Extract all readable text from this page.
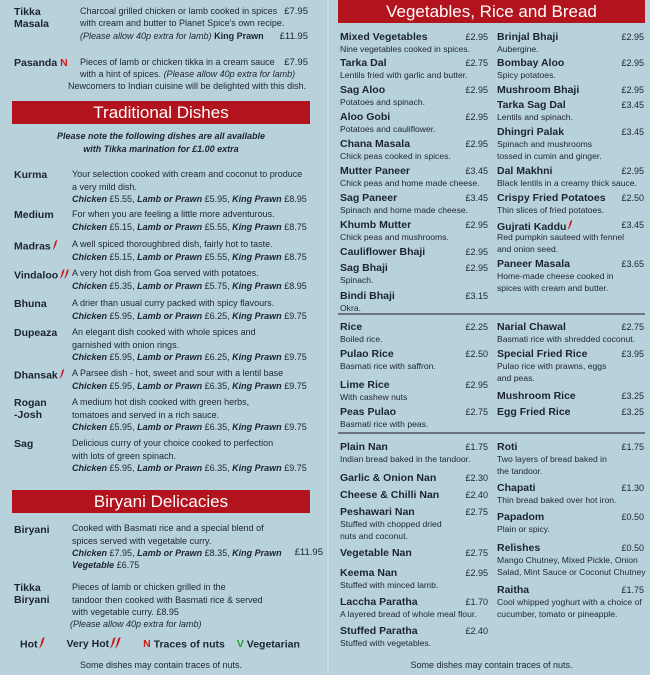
Tikka
Masala
Charcoal grilled chicken or lamb cooked in spices
with cream and butter to Planet Spice's own recipe.
£7.95
(Please allow 40p extra for lamb) King Prawn	£11.95
Pasanda N Pieces of lamb or chicken tikka in a cream sauce	£7.95
with a hint of spices. (Please allow 40p extra for lamb)
Newcomers to Indian cuisine will be delighted with this dish.
Traditional Dishes
Please note the following dishes are all available
with Tikka marination for £1.00 extra
Kurma	Your selection cooked with cream and coconut to produce
a very mild dish.
Chicken £5.55, Lamb or Prawn £5.95, King Prawn £8.95
Medium For when you are feeling a little more adventurous.
Chicken £5.15, Lamb or Prawn £5.55, King Prawn £8.75
Madras	A well spiced thoroughbred dish, fairly hot to taste.
Chicken £5.15, Lamb or Prawn £5.55, King Prawn £8.75
Vindaloo	A very hot dish from Goa served with potatoes.
Chicken £5.35, Lamb or Prawn £5.75, King Prawn £8.95
Bhuna	A drier than usual curry packed with spicy flavours.
Chicken £5.95, Lamb or Prawn £6.25, King Prawn £9.75
Dupeaza An elegant dish cooked with whole spices and
garnished with onion rings.
Chicken £5.95, Lamb or Prawn £6.25, King Prawn £9.75
Dhansak	A Parsee dish - hot, sweet and sour with a lentil base
Chicken £5.95, Lamb or Prawn £6.35, King Prawn £9.75
Rogan
-Josh
A medium hot dish cooked with green herbs,
tomatoes and served in a rich sauce.
Chicken £5.95, Lamb or Prawn £6.35, King Prawn £9.75
Sag	Delicious curry of your choice cooked to perfection
with lots of green spinach.
Chicken £5.95, Lamb or Prawn £6.35, King Prawn £9.75
Biryani Delicacies
Biryani Cooked with Basmati rice and a special blend of
spices served with vegetable curry.
Chicken £7.95, Lamb or Prawn £8.35, King Prawn	£11.95
Vegetable £6.75
Tikka
Biryani
Pieces of lamb or chicken grilled in the
tandoor then cooked with Basmati rice & served
with vegetable curry. £8.95
(Please allow 40p extra for lamb)
Hot	Very Hot	N Traces of nuts V Vegetarian
Some dishes may contain traces of nuts.
Vegetables, Rice and Bread
Mixed Vegetables	£2.95
Nine vegetables cooked in spices.
Tarka Dal	£2.75
Lentils fried with garlic and butter.
Sag Aloo	£2.95
Potatoes and spinach.
Aloo Gobi	£2.95
Potatoes and cauliflower.
Chana Masala	£2.95
Chick peas cooked in spices.
Mutter Paneer	£3.45
Chick peas and home made cheese.
Sag Paneer	£3.45
Spinach and home made cheese.
Khumb Mutter	£2.95
Chick peas and mushrooms.
Cauliflower Bhaji	£2.95
Sag Bhaji	£2.95
Spinach.
Bindi Bhaji	£3.15
Okra.
Brinjal Bhaji	£2.95
Aubergine.
Bombay Aloo	£2.95
Spicy potatoes.
Mushroom Bhaji	£2.95
Tarka Sag Dal	£3.45
Lentils and spinach.
Dhingri Palak	£3.45
Spinach and mushrooms
tossed in cumin and ginger.
Dal Makhni	£2.95
Black lentils in a creamy thick sauce.
Crispy Fried Potatoes	£2.50
Thin slices of fried potatoes.
Gujrati Kaddu	£3.45
Red pumpkin sauteed with fennel
and onion seed.
Paneer Masala	£3.65
Home-made cheese cooked in
spices with cream and butter.
Rice	£2.25
Boiled rice.
Pulao Rice	£2.50
Basmati rice with saffron.
Lime Rice	£2.95
With cashew nuts
Peas Pulao	£2.75
Basmati rice with peas.
Narial Chawal	£2.75
Basmati rice with shredded coconut.
Special Fried Rice	£3.95
Pulao rice with prawns, eggs
and peas.
Mushroom Rice	£3.25
Egg Fried Rice	£3.25
Plain Nan	£1.75
Indian bread baked in the tandoor.
Garlic & Onion Nan	£2.30
Cheese & Chilli Nan	£2.40
Peshawari Nan	£2.75
Stuffed with chopped dried
nuts and coconut.
Vegetable Nan	£2.75
Keema Nan	£2.95
Stuffed with minced lamb.
Laccha Paratha	£1.70
A layered bread of whole meal flour.
Stuffed Paratha	£2.40
Stuffed with vegetables.
Roti	£1.75
Two layers of bread baked in
the tandoor.
Chapati	£1.30
Thin bread baked over hot iron.
Papadom	£0.50
Plain or spicy.
Relishes	£0.50
Mango Chutney, Mixed Pickle, Onion
Salad, Mint Sauce or Coconut Chutney
Raitha	£1.75
Cool whipped yoghurt with a choice of
cucumber, tomato or pineapple.
Some dishes may contain traces of nuts.
